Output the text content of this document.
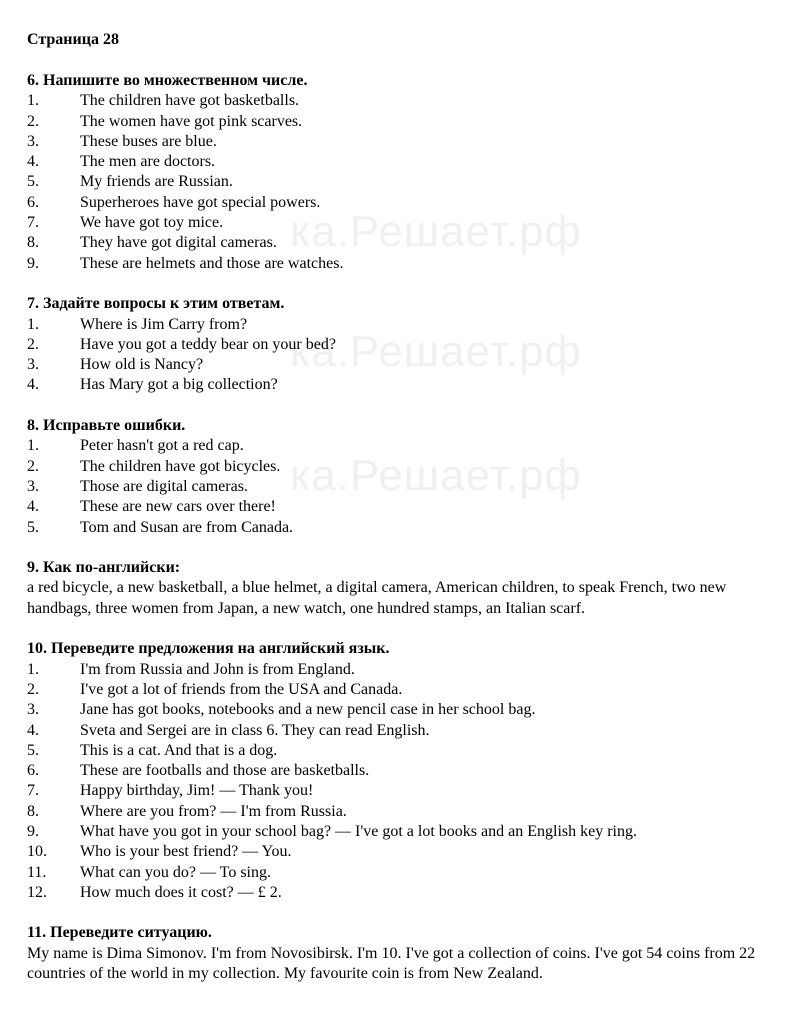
ка.Решает.рф
ка.Решает.рф
ка.Решает.рф
Страница 28
6. Напишите во множественном числе.
1.	The children have got basketballs.
2.	The women have got pink scarves.
3.	These buses are blue.
4.	The men are doctors.
5.	My friends are Russian.
6.	Superheroes have got special powers.
7.	We have got toy mice.
8.	They have got digital cameras.
9.	These are helmets and those are watches.
7. Задайте вопросы к этим ответам.
1.	Where is Jim Carry from?
2.	Have you got a teddy bear on your bed?
3.	How old is Nancy?
4.	Has Mary got a big collection?
8. Исправьте ошибки.
1.	Peter hasn't got a red cap.
2.	The children have got bicycles.
3.	Those are digital cameras.
4.	These are new cars over there!
5.	Tom and Susan are from Canada.
9. Как по-английски:

a red bicycle, a new basketball, a blue helmet, a digital camera, American children, to speak French, two new handbags, three women from Japan, a new watch, one hundred stamps, an Italian scarf.

10. Переведите предложения на английский язык.
1.	I'm from Russia and John is from England.
2.	I've got a lot of friends from the USA and Canada.
3.	Jane has got books, notebooks and a new pencil case in her school bag.
4.	Sveta and Sergei are in class 6. They can read English.
5.	This is a cat. And that is a dog.
6.	These are footballs and those are basketballs.
7.	Happy birthday, Jim! — Thank you!
8.	Where are you from? — I'm from Russia.
9.	What have you got in your school bag? — I've got a lot books and an English key ring.
10. Who is your best friend? — You.
11. What can you do? — To sing.
12. How much does it cost? — £ 2.
11. Переведите ситуацию.

My name is Dima Simonov. I'm from Novosibirsk. I'm 10. I've got a collection of coins. I've got 54 coins from 22 countries of the world in my collection. My favourite coin is from New Zealand.
